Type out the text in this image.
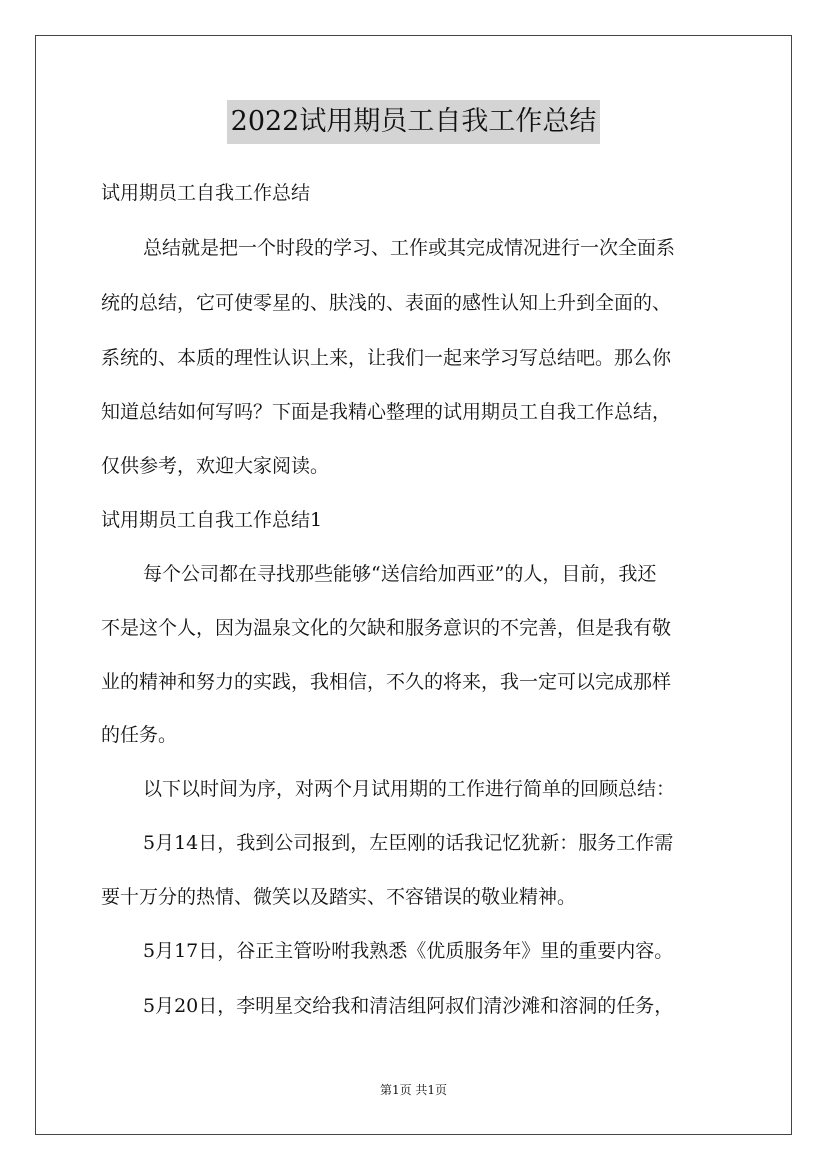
2022试用期员工自我工作总结
试用期员工自我工作总结
总结就是把一个时段的学习、工作或其完成情况进行一次全面系
统的总结，它可使零星的、肤浅的、表面的感性认知上升到全面的、
系统的、本质的理性认识上来，让我们一起来学习写总结吧。那么你
知道总结如何写吗？下面是我精心整理的试用期员工自我工作总结，
仅供参考，欢迎大家阅读。
试用期员工自我工作总结1
每个公司都在寻找那些能够“送信给加西亚”的人，目前，我还
不是这个人，因为温泉文化的欠缺和服务意识的不完善，但是我有敬
业的精神和努力的实践，我相信，不久的将来，我一定可以完成那样
的任务。
以下以时间为序，对两个月试用期的工作进行简单的回顾总结：
5月14日，我到公司报到，左臣刚的话我记忆犹新：服务工作需
要十万分的热情、微笑以及踏实、不容错误的敬业精神。
5月17日，谷正主管吩咐我熟悉《优质服务年》里的重要内容。
5月20日，李明星交给我和清洁组阿叔们清沙滩和溶洞的任务，
第1页 共1页
